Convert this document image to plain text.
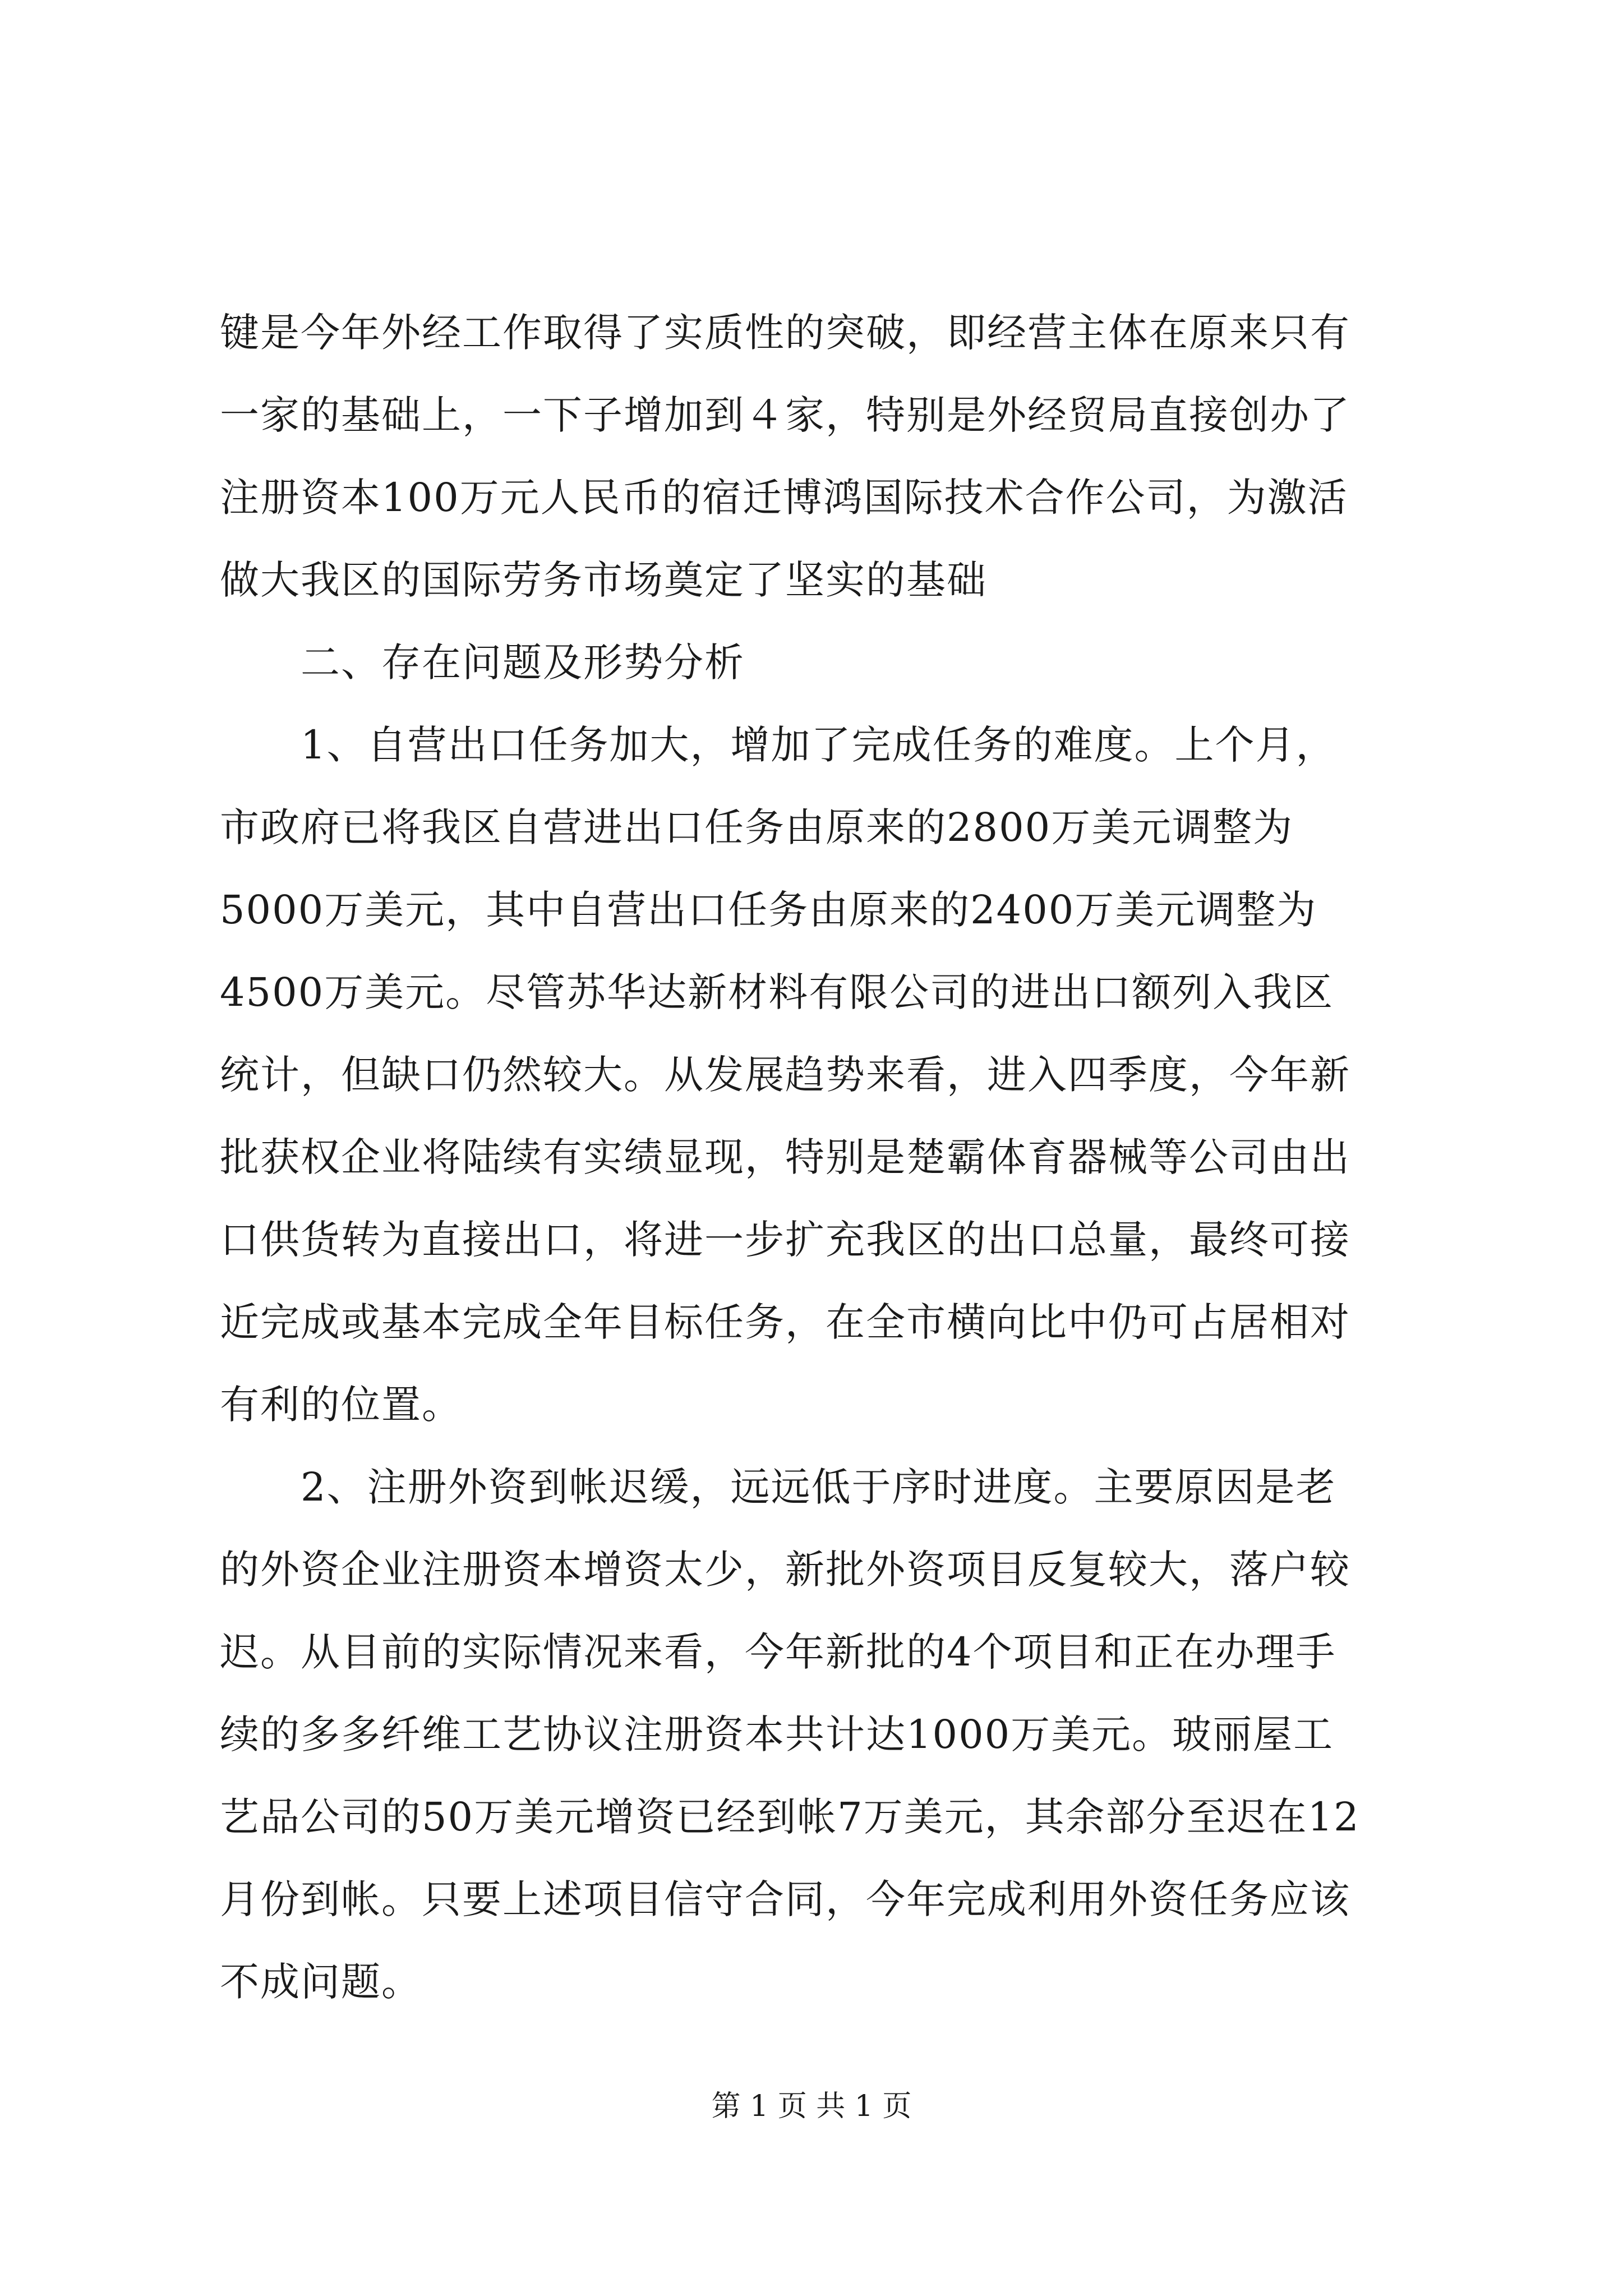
键是今年外经工作取得了实质性的突破，即经营主体在原来只有
一家的基础上，一下子增加到４家，特别是外经贸局直接创办了
注册资本100万元人民币的宿迁博鸿国际技术合作公司，为激活
做大我区的国际劳务市场奠定了坚实的基础
　　二、存在问题及形势分析
　　1、自营出口任务加大，增加了完成任务的难度。上个月，
市政府已将我区自营进出口任务由原来的2800万美元调整为
5000万美元，其中自营出口任务由原来的2400万美元调整为
4500万美元。尽管苏华达新材料有限公司的进出口额列入我区
统计，但缺口仍然较大。从发展趋势来看，进入四季度，今年新
批获权企业将陆续有实绩显现，特别是楚霸体育器械等公司由出
口供货转为直接出口，将进一步扩充我区的出口总量，最终可接
近完成或基本完成全年目标任务，在全市横向比中仍可占居相对
有利的位置。
　　2、注册外资到帐迟缓，远远低于序时进度。主要原因是老
的外资企业注册资本增资太少，新批外资项目反复较大，落户较
迟。从目前的实际情况来看，今年新批的4个项目和正在办理手
续的多多纤维工艺协议注册资本共计达1000万美元。玻丽屋工
艺品公司的50万美元增资已经到帐7万美元，其余部分至迟在12
月份到帐。只要上述项目信守合同，今年完成利用外资任务应该
不成问题。
第 1 页 共 1 页
